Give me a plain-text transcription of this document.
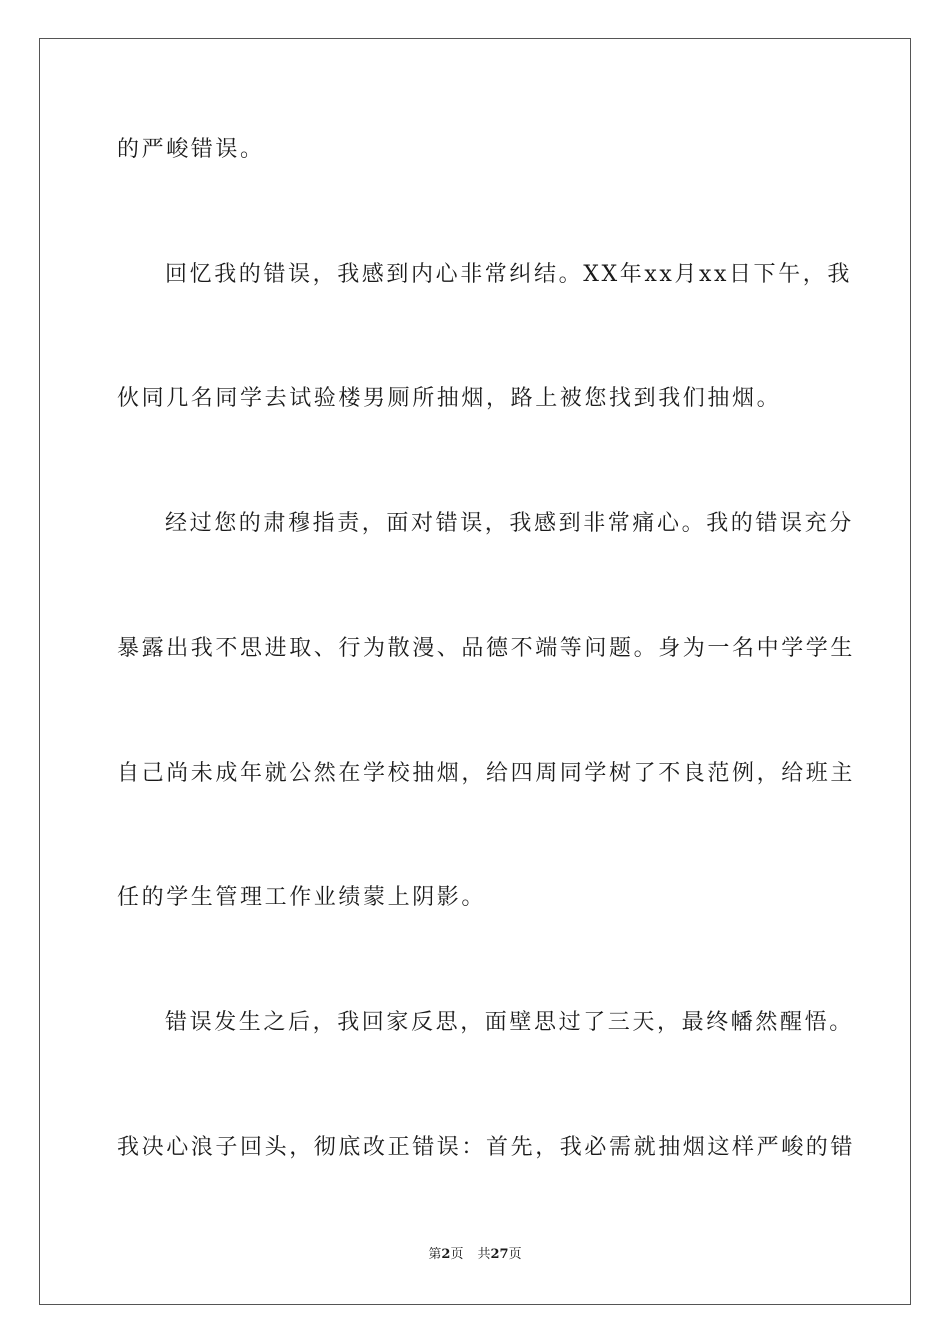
的严峻错误。
回忆我的错误，我感到内心非常纠结。XX年xx月xx日下午，我
伙同几名同学去试验楼男厕所抽烟，路上被您找到我们抽烟。
经过您的肃穆指责，面对错误，我感到非常痛心。我的错误充分
暴露出我不思进取、行为散漫、品德不端等问题。身为一名中学学生
自己尚未成年就公然在学校抽烟，给四周同学树了不良范例，给班主
任的学生管理工作业绩蒙上阴影。
错误发生之后，我回家反思，面壁思过了三天，最终幡然醒悟。
我决心浪子回头，彻底改正错误：首先，我必需就抽烟这样严峻的错
第2页 共27页
